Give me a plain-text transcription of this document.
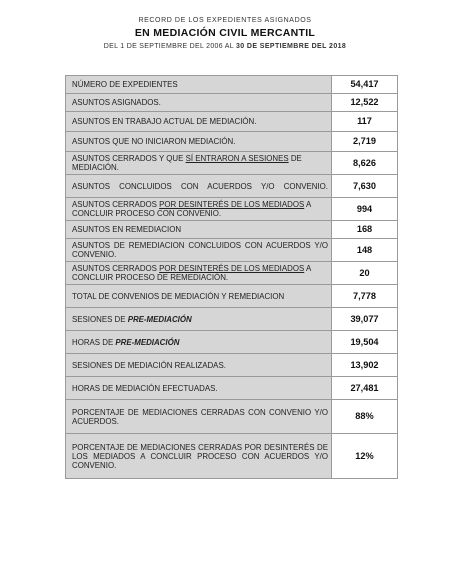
RECORD DE LOS EXPEDIENTES ASIGNADOS
EN MEDIACIÓN CIVIL MERCANTIL
DEL 1 DE SEPTIEMBRE DEL 2006 AL 30 DE SEPTIEMBRE DEL 2018
NÚMERO DE EXPEDIENTES	54,417
ASUNTOS ASIGNADOS.	12,522
ASUNTOS EN TRABAJO ACTUAL DE MEDIACIÓN.	117
ASUNTOS QUE NO INICIARON MEDIACIÓN.	2,719
ASUNTOS CERRADOS Y QUE SÍ ENTRARON A SESIONES DE MEDIACIÓN.	8,626
ASUNTOS CONCLUIDOS CON ACUERDOS Y/O CONVENIO.	7,630
ASUNTOS CERRADOS POR DESINTERÉS DE LOS MEDIADOS A CONCLUIR PROCESO CON CONVENIO.	994
ASUNTOS EN REMEDIACION	168
ASUNTOS DE REMEDIACION CONCLUIDOS CON ACUERDOS Y/O CONVENIO.	148
ASUNTOS CERRADOS POR DESINTERÉS DE LOS MEDIADOS A CONCLUIR PROCESO DE REMEDIACIÓN.	20
TOTAL DE CONVENIOS DE MEDIACIÓN Y REMEDIACION	7,778
SESIONES DE PRE-MEDIACIÓN	39,077
HORAS DE PRE-MEDIACIÓN	19,504
SESIONES DE MEDIACIÓN REALIZADAS.	13,902
HORAS DE MEDIACIÓN EFECTUADAS.	27,481
PORCENTAJE DE MEDIACIONES CERRADAS CON CONVENIO Y/O ACUERDOS.	88%
PORCENTAJE DE MEDIACIONES CERRADAS POR DESINTERÉS DE LOS MEDIADOS A CONCLUIR PROCESO CON ACUERDOS Y/O CONVENIO.	12%
